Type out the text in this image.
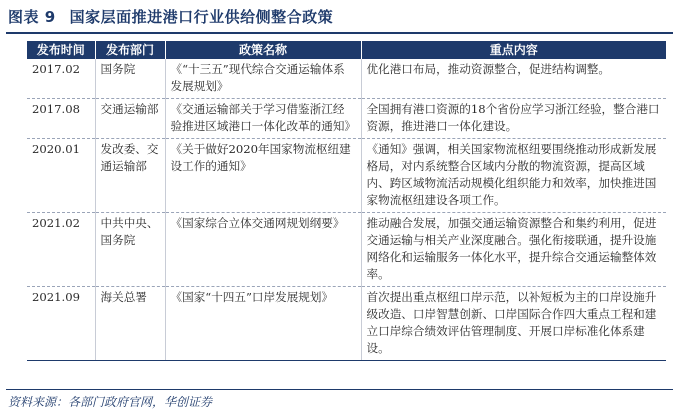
图表 9 国家层面推进港口行业供给侧整合政策
发布时间	发布部门	政策名称	重点内容
2017.02	国务院	《“十三五”现代综合交通运输体系发展规划》	优化港口布局，推动资源整合，促进结构调整。
2017.08	交通运输部	《交通运输部关于学习借鉴浙江经验推进区域港口一体化改革的通知》	全国拥有港口资源的18个省份应学习浙江经验，整合港口资源，推进港口一体化建设。
2020.01	发改委、交通运输部	《关于做好2020年国家物流枢纽建设工作的通知》	《通知》强调，相关国家物流枢纽要围绕推动形成新发展格局，对内系统整合区域内分散的物流资源，提高区域内、跨区域物流活动规模化组织能力和效率，加快推进国家物流枢纽建设各项工作。
2021.02	中共中央、国务院	《国家综合立体交通网规划纲要》	推动融合发展，加强交通运输资源整合和集约利用，促进交通运输与相关产业深度融合。强化衔接联通，提升设施网络化和运输服务一体化水平，提升综合交通运输整体效率。
2021.09	海关总署	《国家“十四五”口岸发展规划》	首次提出重点枢纽口岸示范，以补短板为主的口岸设施升级改造、口岸智慧创新、口岸国际合作四大重点工程和建立口岸综合绩效评估管理制度、开展口岸标准化体系建设。
资料来源：各部门政府官网，华创证券
